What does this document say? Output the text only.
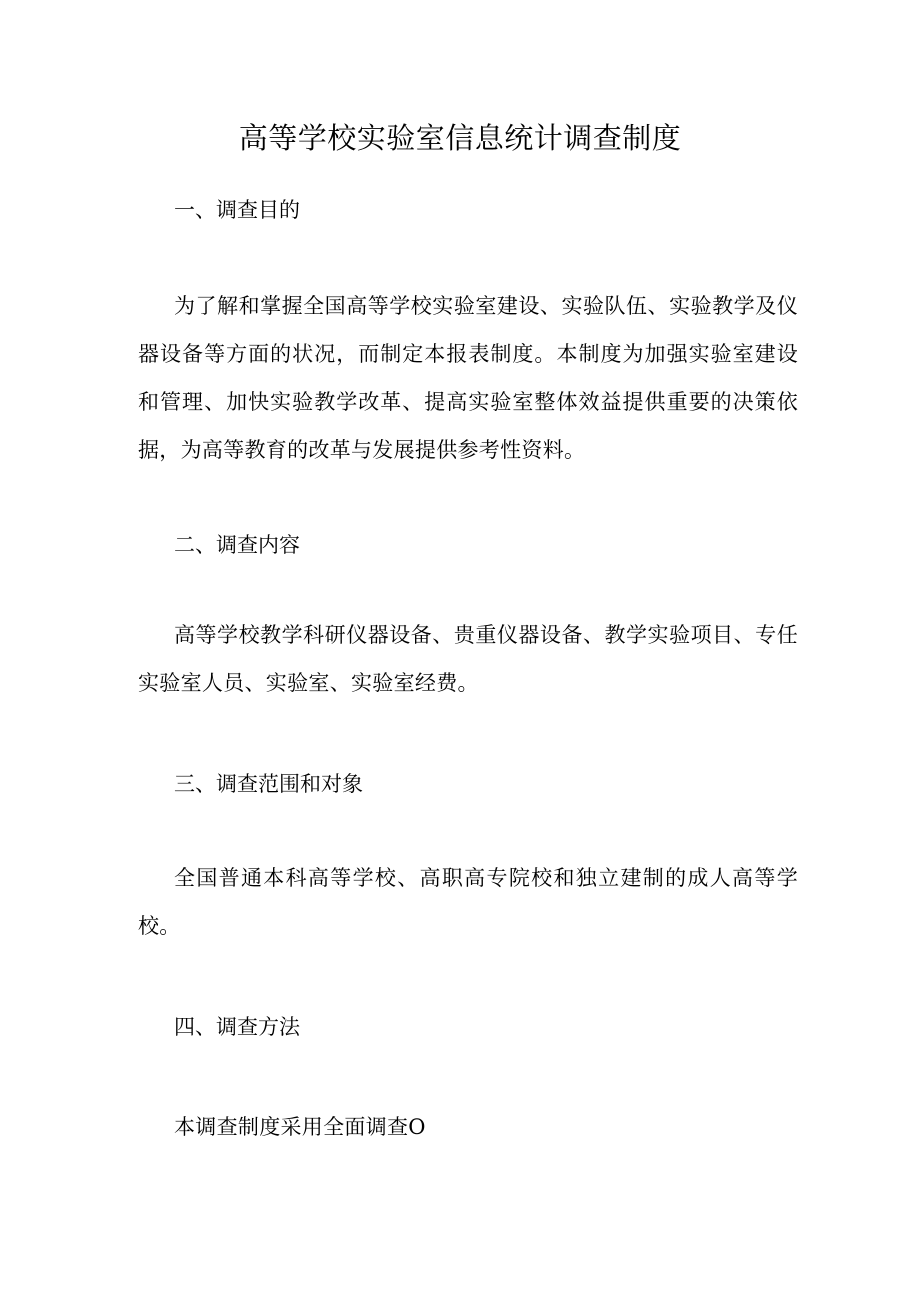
高等学校实验室信息统计调查制度
一、调查目的

为了解和掌握全国高等学校实验室建设、实验队伍、实验教学及仪器设备等方面的状况，而制定本报表制度。本制度为加强实验室建设和管理、加快实验教学改革、提高实验室整体效益提供重要的决策依据，为高等教育的改革与发展提供参考性资料。

二、调查内容

高等学校教学科研仪器设备、贵重仪器设备、教学实验项目、专任实验室人员、实验室、实验室经费。

三、调查范围和对象

全国普通本科高等学校、高职高专院校和独立建制的成人高等学校。

四、调查方法

本调查制度采用全面调查O
